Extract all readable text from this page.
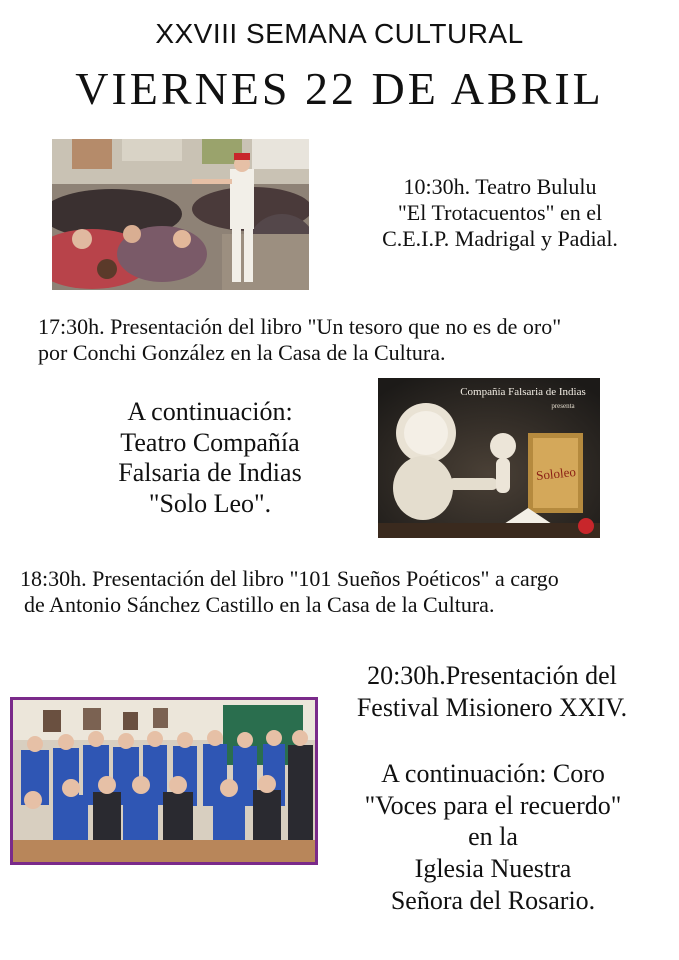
XXVIII SEMANA CULTURAL
VIERNES 22 DE ABRIL
10:30h. Teatro Bululu
"El Trotacuentos" en el
C.E.I.P. Madrigal y Padial.
17:30h. Presentación del libro "Un tesoro que no es de oro"
por Conchi González en la Casa de la Cultura.
A continuación:
Teatro Compañía
Falsaria de Indias
"Solo Leo".
Compañía Falsaria de Indias
presenta
Sololeo
18:30h. Presentación del libro "101 Sueños Poéticos" a cargo
de Antonio Sánchez Castillo en la Casa de la Cultura.
20:30h.Presentación del
Festival Misionero XXIV.
A continuación: Coro
"Voces para el recuerdo"
en la
Iglesia Nuestra
Señora del Rosario.
